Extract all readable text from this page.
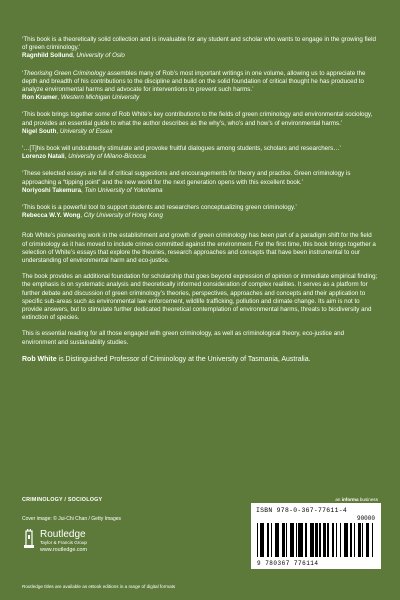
‘This book is a theoretically solid collection and is invaluable for any student and scholar who wants to engage in the growing field of green criminology.’

Ragnhild Sollund, University of Oslo

‘Theorising Green Criminology assembles many of Rob’s most important writings in one volume, allowing us to appreciate the depth and breadth of his contributions to the discipline and build on the solid foundation of critical thought he has produced to analyze environmental harms and advocate for interventions to prevent such harms.’

Ron Kramer, Western Michigan University

‘This book brings together some of Rob White’s key contributions to the fields of green criminology and environmental sociology, and provides an essential guide to what the author describes as the why’s, who’s and how’s of environmental harms.’

Nigel South, University of Essex

‘…[T]his book will undoubtedly stimulate and provoke fruitful dialogues among students, scholars and researchers…’

Lorenzo Natali, University of Milano-Bicocca

‘These selected essays are full of critical suggestions and encouragements for theory and practice. Green criminology is approaching a “tipping point” and the new world for the next generation opens with this excellent book.’

Noriyoshi Takemura, Toin University of Yokohama

‘This book is a powerful tool to support students and researchers conceptualizing green criminology.’

Rebecca W.Y. Wong, City University of Hong Kong

Rob White’s pioneering work in the establishment and growth of green criminology has been part of a paradigm shift for the field of criminology as it has moved to include crimes committed against the environment. For the first time, this book brings together a selection of White’s essays that explore the theories, research approaches and concepts that have been instrumental to our understanding of environmental harm and eco-justice.

The book provides an additional foundation for scholarship that goes beyond expression of opinion or immediate empirical finding; the emphasis is on systematic analysis and theoretically informed consideration of complex realities. It serves as a platform for further debate and discussion of green criminology’s theories, perspectives, approaches and concepts and their application to specific sub-areas such as environmental law enforcement, wildlife trafficking, pollution and climate change. Its aim is not to provide answers, but to stimulate further dedicated theoretical contemplation of environmental harms, threats to biodiversity and extinction of species.

This is essential reading for all those engaged with green criminology, as well as criminological theory, eco-justice and environment and sustainability studies.

Rob White is Distinguished Professor of Criminology at the University of Tasmania, Australia.

CRIMINOLOGY / SOCIOLOGY
Cover image: © Jui-Chi Chan / Getty Images
Routledge
Taylor & Francis Group
www.routledge.com
Routledge titles are available as eBook editions in a range of digital formats
an informa business
ISBN 978-0-367-77611-4
90000
9 780367 776114
